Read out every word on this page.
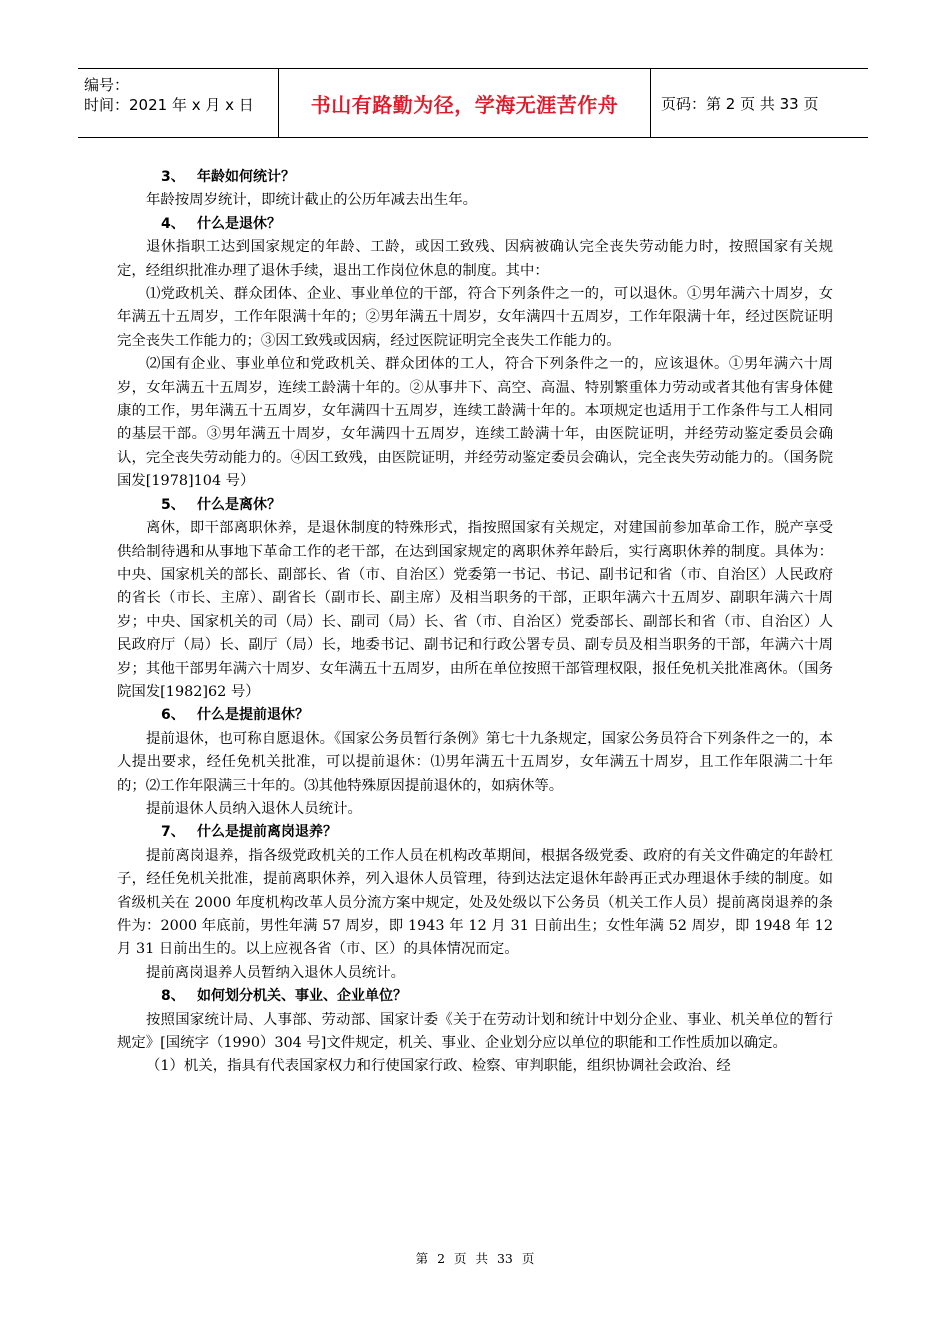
编号：
时间：2021 年 x 月 x 日	书山有路勤为径，学海无涯苦作舟	页码：第 2 页 共 33 页

3、 年龄如何统计？

年龄按周岁统计，即统计截止的公历年减去出生年。

4、 什么是退休？

退休指职工达到国家规定的年龄、工龄，或因工致残、因病被确认完全丧失劳动能力时，按照国家有关规定，经组织批准办理了退休手续，退出工作岗位休息的制度。其中：

⑴党政机关、群众团体、企业、事业单位的干部，符合下列条件之一的，可以退休。①男年满六十周岁，女年满五十五周岁，工作年限满十年的；②男年满五十周岁，女年满四十五周岁，工作年限满十年，经过医院证明完全丧失工作能力的；③因工致残或因病，经过医院证明完全丧失工作能力的。

⑵国有企业、事业单位和党政机关、群众团体的工人，符合下列条件之一的，应该退休。①男年满六十周岁，女年满五十五周岁，连续工龄满十年的。②从事井下、高空、高温、特别繁重体力劳动或者其他有害身体健康的工作，男年满五十五周岁，女年满四十五周岁，连续工龄满十年的。本项规定也适用于工作条件与工人相同的基层干部。③男年满五十周岁，女年满四十五周岁，连续工龄满十年，由医院证明，并经劳动鉴定委员会确认，完全丧失劳动能力的。④因工致残，由医院证明，并经劳动鉴定委员会确认，完全丧失劳动能力的。（国务院国发[1978]104 号）

5、 什么是离休？

离休，即干部离职休养，是退休制度的特殊形式，指按照国家有关规定，对建国前参加革命工作，脱产享受供给制待遇和从事地下革命工作的老干部，在达到国家规定的离职休养年龄后，实行离职休养的制度。具体为：中央、国家机关的部长、副部长、省（市、自治区）党委第一书记、书记、副书记和省（市、自治区）人民政府的省长（市长、主席）、副省长（副市长、副主席）及相当职务的干部，正职年满六十五周岁、副职年满六十周岁；中央、国家机关的司（局）长、副司（局）长、省（市、自治区）党委部长、副部长和省（市、自治区）人民政府厅（局）长、副厅（局）长，地委书记、副书记和行政公署专员、副专员及相当职务的干部，年满六十周岁；其他干部男年满六十周岁、女年满五十五周岁，由所在单位按照干部管理权限，报任免机关批准离休。（国务院国发[1982]62 号）

6、 什么是提前退休？

提前退休，也可称自愿退休。《国家公务员暂行条例》第七十九条规定，国家公务员符合下列条件之一的，本人提出要求，经任免机关批准，可以提前退休：⑴男年满五十五周岁，女年满五十周岁，且工作年限满二十年的；⑵工作年限满三十年的。⑶其他特殊原因提前退休的，如病休等。

提前退休人员纳入退休人员统计。

7、 什么是提前离岗退养？

提前离岗退养，指各级党政机关的工作人员在机构改革期间，根据各级党委、政府的有关文件确定的年龄杠子，经任免机关批准，提前离职休养，列入退休人员管理，待到达法定退休年龄再正式办理退休手续的制度。如省级机关在 2000 年度机构改革人员分流方案中规定，处及处级以下公务员（机关工作人员）提前离岗退养的条件为：2000 年底前，男性年满 57 周岁，即 1943 年 12 月 31 日前出生；女性年满 52 周岁，即 1948 年 12 月 31 日前出生的。以上应视各省（市、区）的具体情况而定。

提前离岗退养人员暂纳入退休人员统计。

8、 如何划分机关、事业、企业单位？

按照国家统计局、人事部、劳动部、国家计委《关于在劳动计划和统计中划分企业、事业、机关单位的暂行规定》[国统字（1990）304 号]文件规定，机关、事业、企业划分应以单位的职能和工作性质加以确定。

（1）机关，指具有代表国家权力和行使国家行政、检察、审判职能，组织协调社会政治、经

第 2 页 共 33 页
